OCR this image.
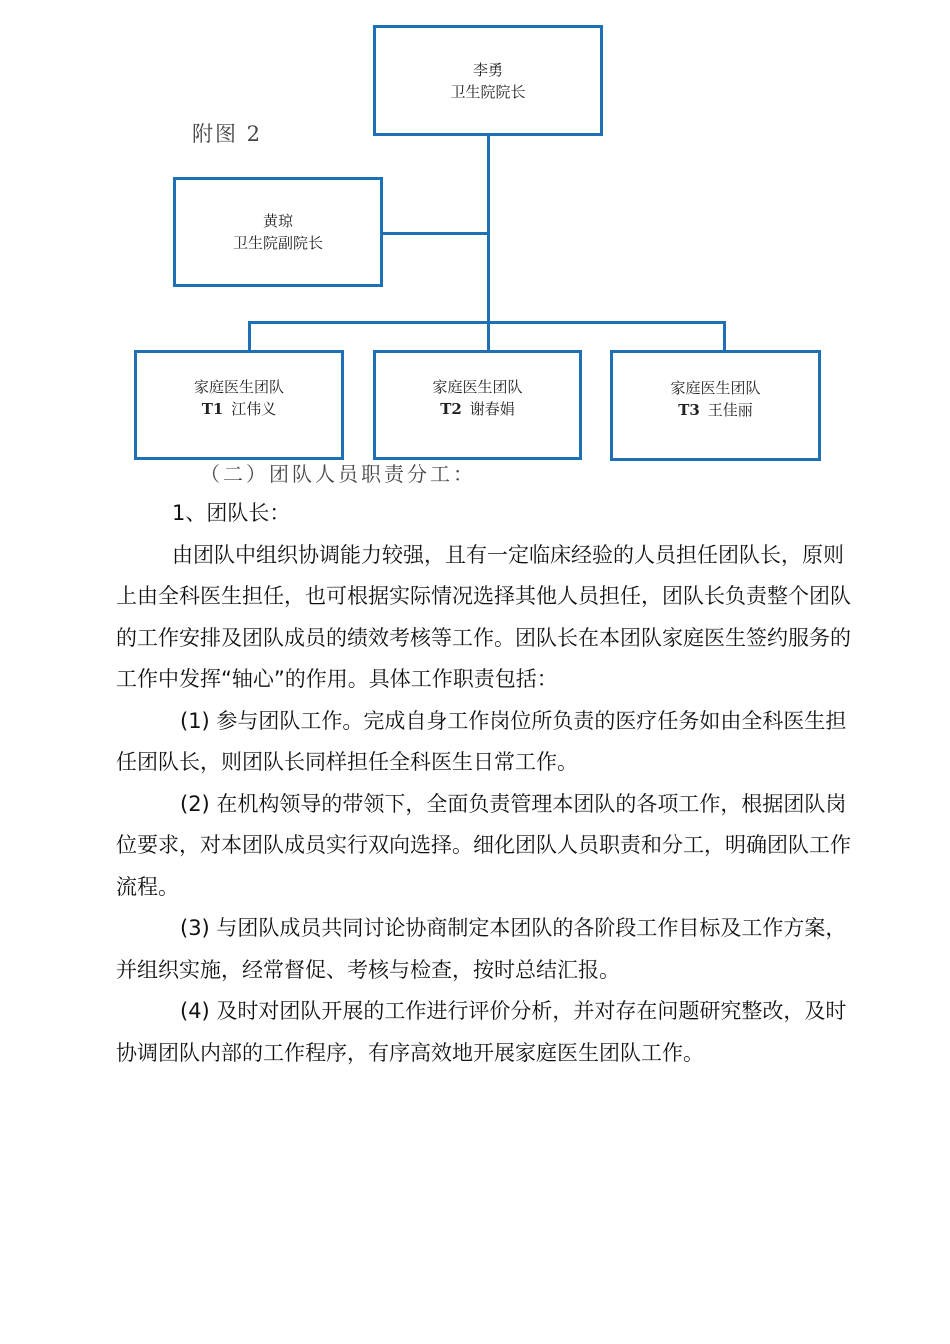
李勇
卫生院院长
附图 2
黄琼
卫生院副院长
家庭医生团队
T1 江伟义
家庭医生团队
T2 谢春娟
家庭医生团队
T3 王佳丽
（二）团队人员职责分工：

1、团队长：

由团队中组织协调能力较强，且有一定临床经验的人员担任团队长，原则上由全科医生担任，也可根据实际情况选择其他人员担任，团队长负责整个团队的工作安排及团队成员的绩效考核等工作。团队长在本团队家庭医生签约服务的工作中发挥“轴心”的作用。具体工作职责包括：

(1) 参与团队工作。完成自身工作岗位所负责的医疗任务如由全科医生担任团队长，则团队长同样担任全科医生日常工作。

(2) 在机构领导的带领下，全面负责管理本团队的各项工作，根据团队岗位要求，对本团队成员实行双向选择。细化团队人员职责和分工，明确团队工作流程。

(3) 与团队成员共同讨论协商制定本团队的各阶段工作目标及工作方案，并组织实施，经常督促、考核与检查，按时总结汇报。

(4) 及时对团队开展的工作进行评价分析，并对存在问题研究整改，及时协调团队内部的工作程序，有序高效地开展家庭医生团队工作。
